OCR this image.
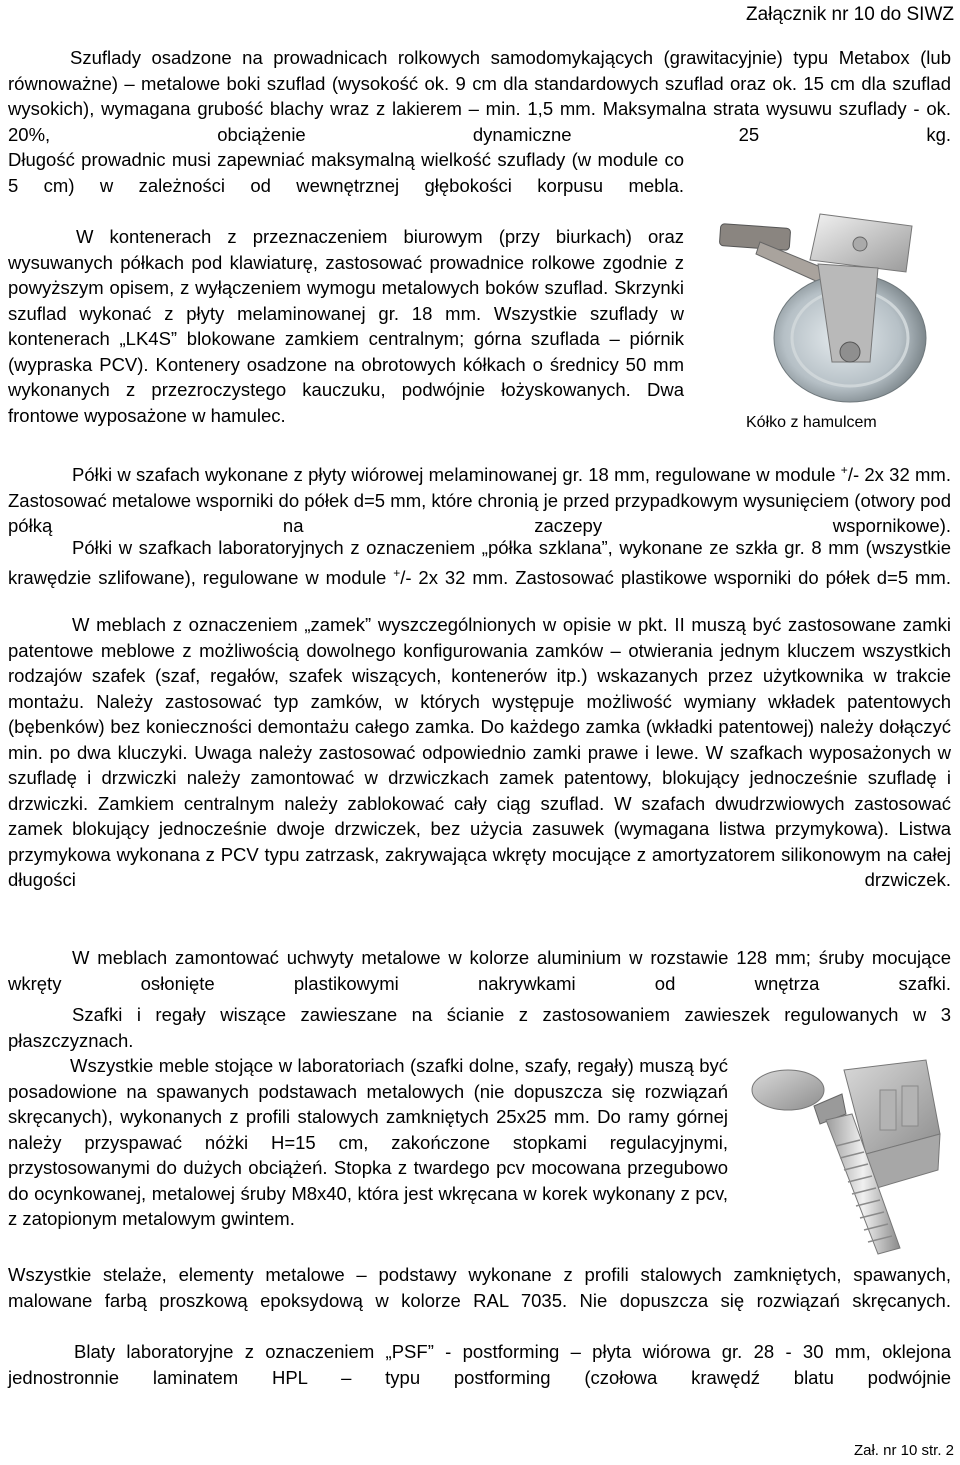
Załącznik nr 10 do SIWZ

Szuflady osadzone na prowadnicach rolkowych samodomykających (grawitacyjnie) typu Metabox (lub równoważne) – metalowe boki szuflad (wysokość ok. 9 cm dla standardowych szuflad oraz ok. 15 cm dla szuflad wysokich), wymagana grubość blachy wraz z lakierem – min. 1,5 mm. Maksymalna strata wysuwu szuflady - ok. 20%, obciążenie dynamiczne 25 kg.

Długość prowadnic musi zapewniać maksymalną wielkość szuflady (w module co 5 cm) w zależności od wewnętrznej głębokości korpusu mebla.

W kontenerach z przeznaczeniem biurowym (przy biurkach) oraz wysuwanych półkach pod klawiaturę, zastosować prowadnice rolkowe zgodnie z powyższym opisem, z wyłączeniem wymogu metalowych boków szuflad. Skrzynki szuflad wykonać z płyty melaminowanej gr. 18 mm. Wszystkie szuflady w kontenerach „LK4S” blokowane zamkiem centralnym; górna szuflada – piórnik (wypraska PCV). Kontenery osadzone na obrotowych kółkach o średnicy 50 mm wykonanych z przezroczystego kauczuku, podwójnie łożyskowanych. Dwa frontowe wyposażone w hamulec.	Kółko z hamulcem

Półki w szafach wykonane z płyty wiórowej melaminowanej gr. 18 mm, regulowane w module +/- 2x 32 mm. Zastosować metalowe wsporniki do półek d=5 mm, które chronią je przed przypadkowym wysunięciem (otwory pod półką na zaczepy wspornikowe).

Półki w szafkach laboratoryjnych z oznaczeniem „półka szklana”, wykonane ze szkła gr. 8 mm (wszystkie krawędzie szlifowane), regulowane w module +/- 2x 32 mm. Zastosować plastikowe wsporniki do półek d=5 mm.

W meblach z oznaczeniem „zamek” wyszczególnionych w opisie w pkt. II muszą być zastosowane zamki patentowe meblowe z możliwością dowolnego konfigurowania zamków – otwierania jednym kluczem wszystkich rodzajów szafek (szaf, regałów, szafek wiszących, kontenerów itp.) wskazanych przez użytkownika w trakcie montażu. Należy zastosować typ zamków, w których występuje możliwość wymiany wkładek patentowych (bębenków) bez konieczności demontażu całego zamka. Do każdego zamka (wkładki patentowej) należy dołączyć min. po dwa kluczyki. Uwaga należy zastosować odpowiednio zamki prawe i lewe. W szafkach wyposażonych w szufladę i drzwiczki należy zamontować w drzwiczkach zamek patentowy, blokujący jednocześnie szufladę i drzwiczki. Zamkiem centralnym należy zablokować cały ciąg szuflad. W szafach dwudrzwiowych zastosować zamek blokujący jednocześnie dwoje drzwiczek, bez użycia zasuwek (wymagana listwa przymykowa). Listwa przymykowa wykonana z PCV typu zatrzask, zakrywająca wkręty mocujące z amortyzatorem silikonowym na całej długości drzwiczek.

W meblach zamontować uchwyty metalowe w kolorze aluminium w rozstawie 128 mm; śruby mocujące wkręty osłonięte plastikowymi nakrywkami od wnętrza szafki.

Szafki i regały wiszące zawieszane na ścianie z zastosowaniem zawieszek regulowanych w 3 płaszczyznach.

Wszystkie meble stojące w laboratoriach (szafki dolne, szafy, regały) muszą być posadowione na spawanych podstawach metalowych (nie dopuszcza się rozwiązań skręcanych), wykonanych z profili stalowych zamkniętych 25x25 mm. Do ramy górnej należy przyspawać nóżki H=15 cm, zakończone stopkami regulacyjnymi, przystosowanymi do dużych obciążeń. Stopka z twardego pcv mocowana przegubowo do ocynkowanej, metalowej śruby M8x40, która jest wkręcana w korek wykonany z pcv, z zatopionym metalowym gwintem.

Wszystkie stelaże, elementy metalowe – podstawy wykonane z profili stalowych zamkniętych, spawanych, malowane farbą proszkową epoksydową w kolorze RAL 7035. Nie dopuszcza się rozwiązań skręcanych.

Blaty laboratoryjne z oznaczeniem „PSF” - postforming – płyta wiórowa gr. 28 - 30 mm, oklejona jednostronnie laminatem HPL – typu postforming (czołowa krawędź blatu podwójnie

Zał. nr 10 str. 2
